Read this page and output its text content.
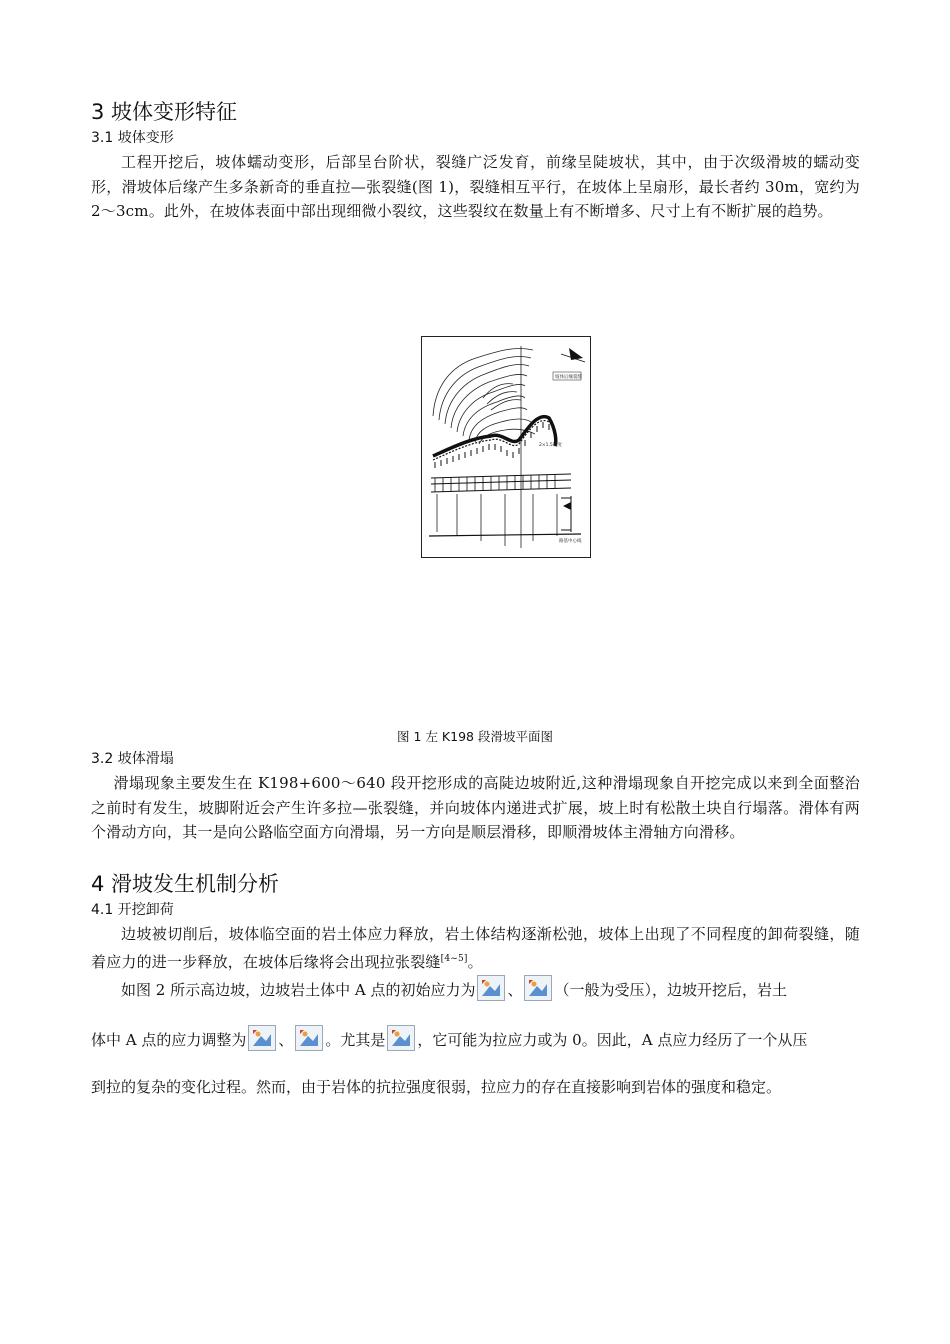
3 坡体变形特征
3.1 坡体变形

工程开挖后，坡体蠕动变形，后部呈台阶状，裂缝广泛发育，前缘呈陡坡状，其中，由于次级滑坡的蠕动变形，滑坡体后缘产生多条新奇的垂直拉—张裂缝(图 1)，裂缝相互平行，在坡体上呈扇形，最长者约 30m，宽约为 2～3cm。此外，在坡体表面中部出现细微小裂纹，这些裂纹在数量上有不断增多、尺寸上有不断扩展的趋势。

坡体后缘裂缝
2×1.5坡度
路基中心线
图 1 左 K198 段滑坡平面图
3.2 坡体滑塌

滑塌现象主要发生在 K198+600～640 段开挖形成的高陡边坡附近,这种滑塌现象自开挖完成以来到全面整治之前时有发生，坡脚附近会产生许多拉—张裂缝，并向坡体内递进式扩展，坡上时有松散土块自行塌落。滑体有两个滑动方向，其一是向公路临空面方向滑塌，另一方向是顺层滑移，即顺滑坡体主滑轴方向滑移。

4 滑坡发生机制分析
4.1 开挖卸荷

边坡被切削后，坡体临空面的岩土体应力释放，岩土体结构逐渐松弛，坡体上出现了不同程度的卸荷裂缝，随着应力的进一步释放，在坡体后缘将会出现拉张裂缝[4~5]。

如图 2 所示高边坡，边坡岩土体中 A 点的初始应力为 、 （一般为受压），边坡开挖后，岩土
体中 A 点的应力调整为 、 。尤其是 ，它可能为拉应力或为 0。因此，A 点应力经历了一个从压
到拉的复杂的变化过程。然而，由于岩体的抗拉强度很弱，拉应力的存在直接影响到岩体的强度和稳定。
